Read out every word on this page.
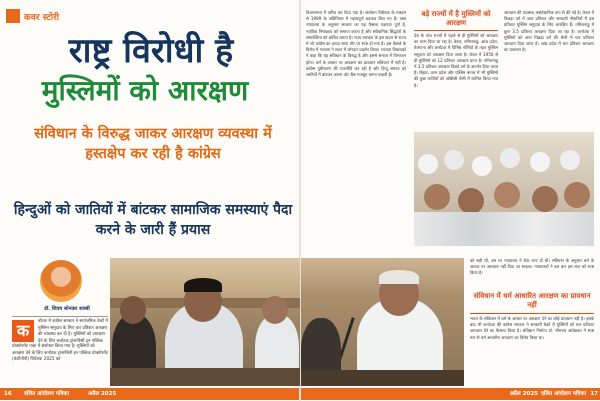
कवर स्टोरी
राष्ट्र विरोधी है
मुस्लिमों को आरक्षण
संविधान के विरुद्ध जाकर आरक्षण व्यवस्था में हस्तक्षेप कर रही है कांग्रेस
हिन्दुओं को जातियों में बांटकर सामाजिक समस्याएं पैदा करने के जारी हैं प्रयास
डॉ. शिवम सोनकर शास्त्री
क	र्नाटक में कांग्रेस सरकार ने सार्वजनिक ठेकों में मुस्लिम समुदाय के लिए चार प्रतिशत आरक्षण की व्यवस्था कर दी है। मुस्लिमों को आरक्षण देने के लिए कर्नाटक ट्रांसपेरेंसी इन पब्लिक
प्रोक्योरमेंट एक्ट में संशोधन किया गया है। मुस्लिमों को आरक्षण देने के लिए कर्नाटक ट्रांसपेरेंसी इन पब्लिक प्रोक्योरमेंट (केटीपीपी) विधेयक 2025 को
विधानसभा में पारित कर दिया गया है। संशोधन विधेयक के माध्यम से 1999 के अधिनियम में महत्वपूर्ण बदलाव किए गए हैं। उच्च न्यायालय के अनुसार सरकार का यह फैसला पक्षपात पूर्ण है, न्यायिक निष्पक्षता को समाप्त करता है और संवैधानिक सिद्धांतों के समावेशिता को बाधित करता है। राज्य सरकार के इस कदम से राज्य में जो कांग्रेस का इरादा साफ तौर पर स्पष्ट हो गया है। इस फैसले के विरोध में भाजपा ने सदन में जोरदार प्रदर्शन किया। भाजपा विधायकों ने कहा कि यह संविधान के विरुद्ध है और इससे समाज में विभाजन होगा। धर्म के आधार पर आरक्षण का प्रावधान संविधान में नहीं है। कांग्रेस तुष्टीकरण की राजनीति कर रही है और हिन्दू समाज को जातियों में बांटकर अपना वोट बैंक मजबूत करना चाहती है।
बड़े राज्यों में है मुस्लिमों को आरक्षण
देश के पांच राज्यों में पहले से ही मुस्लिमों को आरक्षण का लाभ दिया जा रहा है। केरल, तमिलनाडु, आंध्र प्रदेश, तेलंगाना और कर्नाटक में विभिन्न श्रेणियों के तहत मुस्लिम समुदाय को आरक्षण दिया जाता है। केरल में 1956 से ही मुस्लिमों को 12 प्रतिशत आरक्षण प्राप्त है। तमिलनाडु में 3.5 प्रतिशत आरक्षण पिछड़े वर्ग के अंतर्गत दिया जाता है। बिहार, उत्तर प्रदेश और पश्चिम बंगाल में भी मुस्लिमों की कुछ जातियों को ओबीसी श्रेणी में शामिल किया गया है।
आरक्षण की व्यवस्था असंवैधानिक रूप से की गई है। केरल में पिछड़ा वर्ग में आठ प्रतिशत और सरकारी नौकरियों में दस प्रतिशत मुस्लिम समुदाय के लिए आरक्षित हैं। तमिलनाडु में कुल 3.5 प्रतिशत आरक्षण दिया जा रहा है। कर्नाटक में मुस्लिमों को अन्य पिछड़ा वर्ग की श्रेणी में चार प्रतिशत आरक्षण दिया जाता है। आंध्र प्रदेश में चार प्रतिशत आरक्षण का प्रावधान है।
को सही थी, उस पर न्यायालय ने रोक लगा दी थी। संविधान के अनुसार धर्म के आधार पर आरक्षण नहीं दिया जा सकता। न्यायालयों ने बार बार इस बात को स्पष्ट किया है।
संविधान में धर्म आधारित आरक्षण का प्रावधान नहीं
भारत के संविधान में धर्म के आधार पर आरक्षण देने का कोई प्रावधान नहीं है। इसके बाद भी कर्नाटक की कांग्रेस सरकार ने सरकारी ठेकों में मुस्लिमों को चार प्रतिशत आरक्षण देने का फैसला किया है। संविधान निर्माता डॉ. भीमराव आंबेडकर ने स्पष्ट रूप से धर्म आधारित आरक्षण का विरोध किया था।
16 दलित आंदोलन पत्रिका	अप्रैल 2025	अप्रैल 2025 दलित आंदोलन पत्रिका 17
